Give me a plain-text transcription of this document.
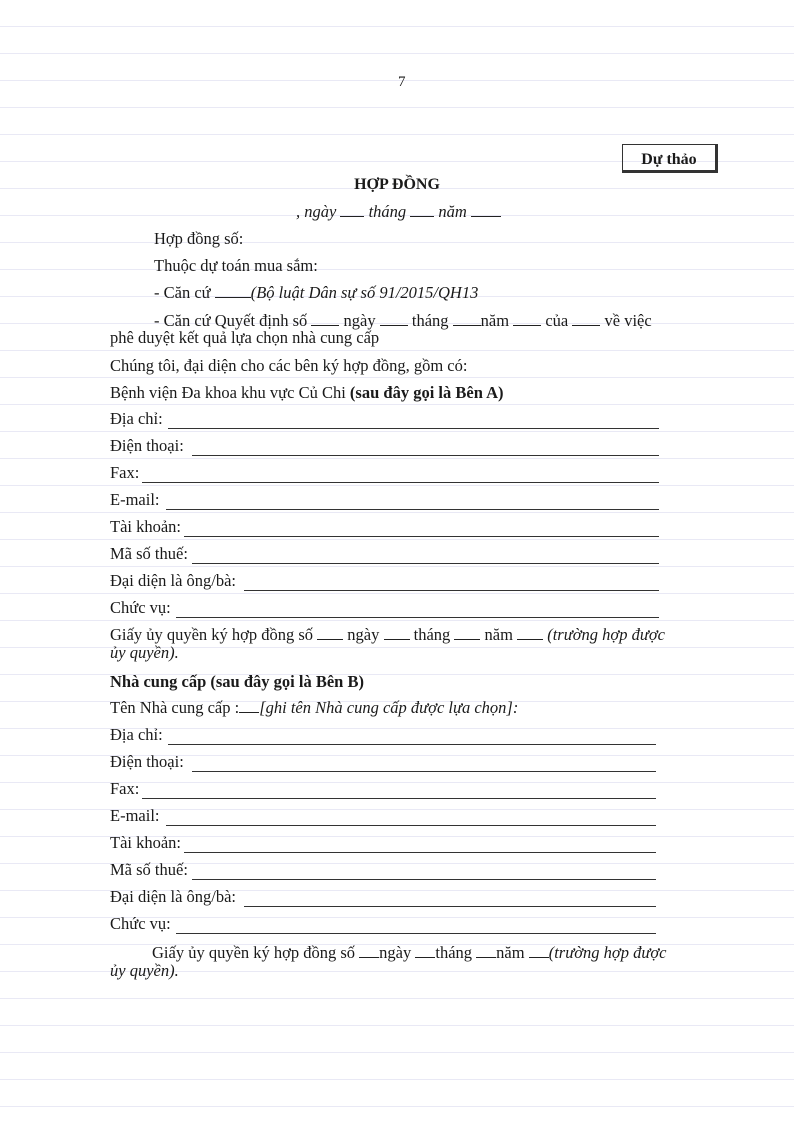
7
Dự thảo
HỢP ĐỒNG
, ngày tháng năm
Hợp đồng số:
Thuộc dự toán mua sắm:
- Căn cứ (Bộ luật Dân sự số 91/2015/QH13
- Căn cứ Quyết định số ngày tháng năm của về việc
phê duyệt kết quả lựa chọn nhà cung cấp
Chúng tôi, đại diện cho các bên ký hợp đồng, gồm có:
Bệnh viện Đa khoa khu vực Củ Chi (sau đây gọi là Bên A)
Địa chỉ:
Điện thoại:
Fax:
E-mail:
Tài khoản:
Mã số thuế:
Đại diện là ông/bà:
Chức vụ:
Giấy ủy quyền ký hợp đồng số ngày tháng năm (trường hợp được
ủy quyền).
Nhà cung cấp (sau đây gọi là Bên B)
Tên Nhà cung cấp : [ghi tên Nhà cung cấp được lựa chọn]:
Địa chỉ:
Điện thoại:
Fax:
E-mail:
Tài khoản:
Mã số thuế:
Đại diện là ông/bà:
Chức vụ:
Giấy ủy quyền ký hợp đồng số ngày tháng năm (trường hợp được
ủy quyền).
